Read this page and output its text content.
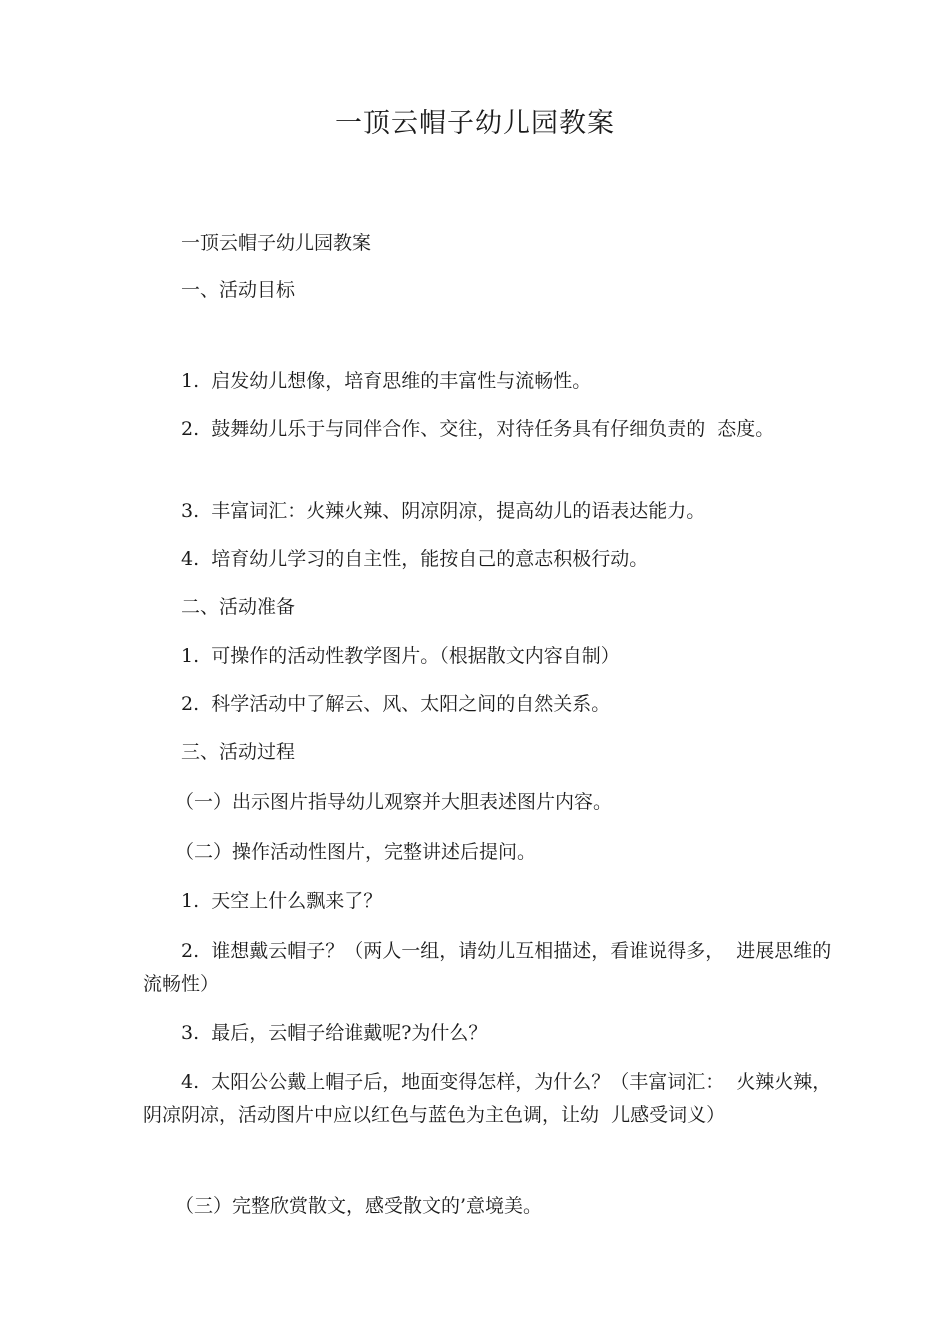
一顶云帽子幼儿园教案

一顶云帽子幼儿园教案

一、活动目标

1.  启发幼儿想像，培育思维的丰富性与流畅性。

2.  鼓舞幼儿乐于与同伴合作、交往，对待任务具有仔细负责的  态度。

3.  丰富词汇：火辣火辣、阴凉阴凉，提高幼儿的语表达能力。

4.  培育幼儿学习的自主性，能按自己的意志积极行动。

二、活动准备

1.  可操作的活动性教学图片。（根据散文内容自制）

2.  科学活动中了解云、风、太阳之间的自然关系。

三、活动过程

（一）出示图片指导幼儿观察并大胆表述图片内容。

（二）操作活动性图片，完整讲述后提问。

1.  天空上什么飘来了？

2.  谁想戴云帽子？（两人一组，请幼儿互相描述，看谁说得多，  进展思维的流畅性）

3.  最后，云帽子给谁戴呢?为什么？

4.  太阳公公戴上帽子后，地面变得怎样，为什么？（丰富词汇：  火辣火辣，阴凉阴凉，活动图片中应以红色与蓝色为主色调，让幼  儿感受词义）

（三）完整欣赏散文，感受散文的’意境美。
